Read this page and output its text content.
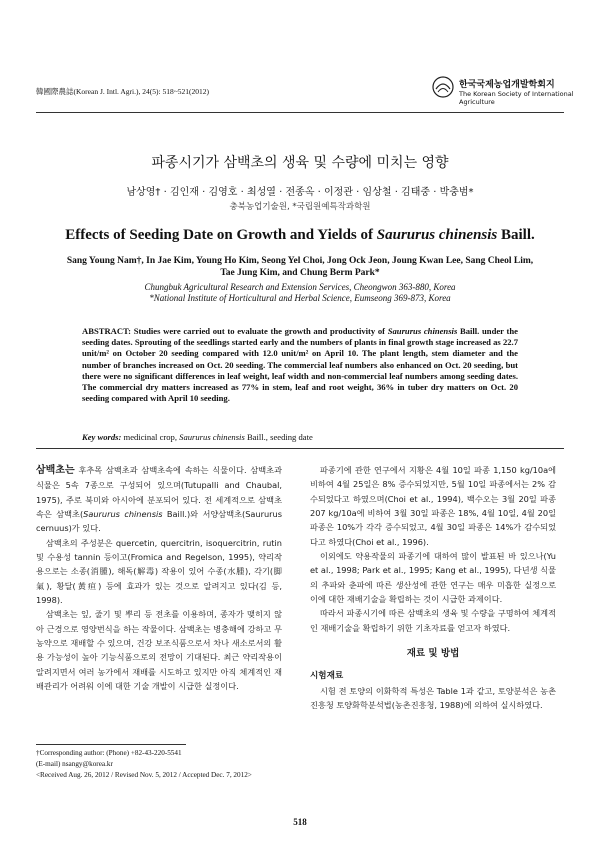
韓國際農誌(Korean J. Intl. Agri.), 24(5): 518~521(2012)
한국국제농업개발학회지
The Korean Society of International
Agriculture
파종시기가 삼백초의 생육 및 수량에 미치는 영향
남상영† · 김인재 · 김영호 · 최성열 · 전종옥 · 이정관 · 임상철 · 김태중 · 박충범*
충북농업기술원, *국립원예특작과학원
Effects of Seeding Date on Growth and Yields of Saururus chinensis Baill.
Sang Young Nam†, In Jae Kim, Young Ho Kim, Seong Yel Choi, Jong Ock Jeon, Joung Kwan Lee, Sang Cheol Lim,
Tae Jung Kim, and Chung Berm Park*
Chungbuk Agricultural Research and Extension Services, Cheongwon 363-880, Korea
*National Institute of Horticultural and Herbal Science, Eumseong 369-873, Korea
ABSTRACT: Studies were carried out to evaluate the growth and productivity of Saururus chinensis Baill. under the seeding dates. Sprouting of the seedlings started early and the numbers of plants in final growth stage increased as 22.7 unit/m² on October 20 seeding compared with 12.0 unit/m² on April 10. The plant length, stem diameter and the number of branches increased on Oct. 20 seeding. The commercial leaf numbers also enhanced on Oct. 20 seeding, but there were no significant differences in leaf weight, leaf width and non-commercial leaf numbers among seeding dates. The commercial dry matters increased as 77% in stem, leaf and root weight, 36% in tuber dry matters on Oct. 20 seeding compared with April 10 seeding.
Key words: medicinal crop, Saururus chinensis Baill., seeding date

삼백초는 후추목 삼백초과 삼백초속에 속하는 식물이다. 삼백초과 식물은 5속 7종으로 구성되어 있으며(Tutupalli and Chaubal, 1975), 주로 북미와 아시아에 분포되어 있다. 전 세계적으로 삼백초속은 삼백초(Saururus chinensis Baill.)와 서양삼백초(Saururus cernuus)가 있다.

삼백초의 주성분은 quercetin, quercitrin, isoquercitrin, rutin 및 수용성 tannin 등이고(Fromica and Regelson, 1995), 약리작용으로는 소종(消腫), 해독(解毒) 작용이 있어 수종(水腫), 각기(脚氣), 황달(黃疸) 등에 효과가 있는 것으로 알려지고 있다(김 등, 1998).

삼백초는 잎, 줄기 및 뿌리 등 전초를 이용하며, 종자가 맺히지 않아 근경으로 영양번식을 하는 작물이다. 삼백초는 병충해에 강하고 무농약으로 재배할 수 있으며, 건강 보조식품으로서 차나 새소로서의 활용 가능성이 높아 기능식품으로의 전망이 기대된다. 최근 약리작용이 알려지면서 여러 농가에서 재배를 시도하고 있지만 아직 체계적인 재배관리가 어려워 이에 대한 기술 개발이 시급한 실정이다.

파종기에 관한 연구에서 지황은 4월 10일 파종 1,150 kg/10a에 비하여 4월 25일은 8% 증수되었지만, 5월 10일 파종에서는 2% 감수되었다고 하였으며(Choi et al., 1994), 백수오는 3월 20일 파종 207 kg/10a에 비하여 3월 30일 파종은 18%, 4월 10일, 4월 20일 파종은 10%가 각각 증수되었고, 4월 30일 파종은 14%가 감수되었다고 하였다(Choi et al., 1996).

이외에도 약용작물의 파종기에 대하여 많이 발표된 바 있으나(Yu et al., 1998; Park et al., 1995; Kang et al., 1995), 다년생 식물의 추파와 춘파에 따른 생산성에 관한 연구는 매우 미흡한 실정으로 이에 대한 재배기술을 확립하는 것이 시급한 과제이다.

따라서 파종시기에 따른 삼백초의 생육 및 수량을 구명하여 체계적인 재배기술을 확립하기 위한 기초자료를 얻고자 하였다.

재료 및 방법

시험재료

시험 전 토양의 이화학적 특성은 Table 1과 같고, 토양분석은 농촌진흥청 토양화학분석법(농촌진흥청, 1988)에 의하여 실시하였다.

†Corresponding author: (Phone) +82-43-220-5541
(E-mail) nsangy@korea.kr
<Received Aug. 26, 2012 / Revised Nov. 5, 2012 / Accepted Dec. 7, 2012>
518
